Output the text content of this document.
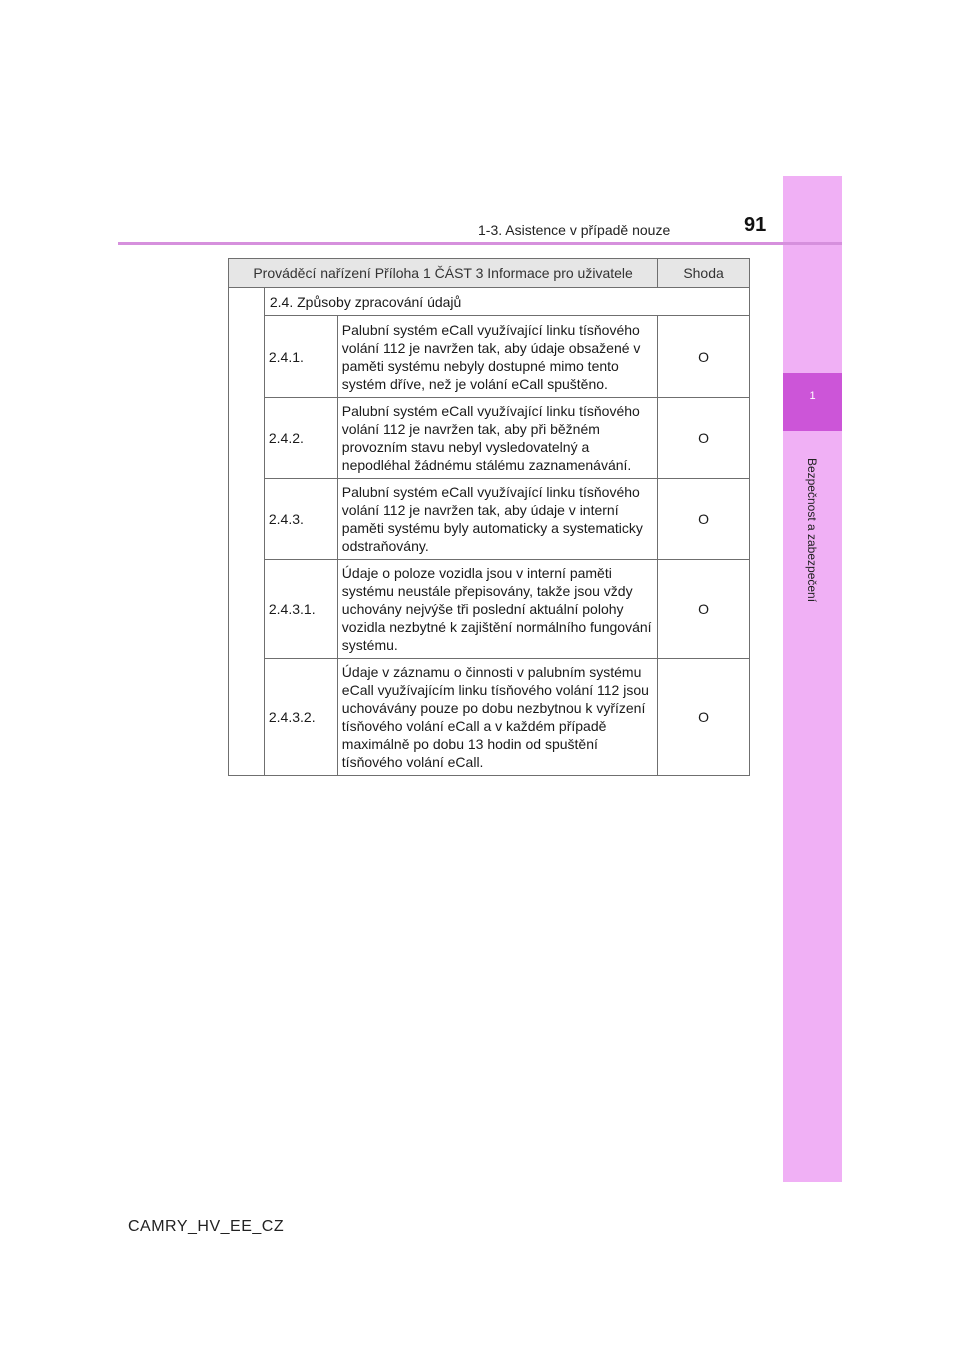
1
Bezpečnost a zabezpečení
1-3. Asistence v případě nouze	91
Prováděcí nařízení Příloha 1 ČÁST 3 Informace pro uživatele			Shoda
	2.4. Způsoby zpracování údajů		
	2.4.1.	Palubní systém eCall využívající linku tísňového volání 112 je navržen tak, aby údaje obsažené v paměti systému nebyly dostupné mimo tento systém dříve, než je volání eCall spuštěno.	O
	2.4.2.	Palubní systém eCall využívající linku tísňového volání 112 je navržen tak, aby při běžném provozním stavu nebyl vysledovatelný a nepodléhal žádnému stálému zaznamenávání.	O
	2.4.3.	Palubní systém eCall využívající linku tísňového volání 112 je navržen tak, aby údaje v interní paměti systému byly automaticky a systematicky odstraňovány.	O
	2.4.3.1.	Údaje o poloze vozidla jsou v interní paměti systému neustále přepisovány, takže jsou vždy uchovány nejvýše tři poslední aktuální polohy vozidla nezbytné k zajištění normálního fungování systému.	O
	2.4.3.2.	Údaje v záznamu o činnosti v palubním systému eCall využívajícím linku tísňového volání 112 jsou uchovávány pouze po dobu nezbytnou k vyřízení tísňového volání eCall a v každém případě maximálně po dobu 13 hodin od spuštění tísňového volání eCall.	O
CAMRY_HV_EE_CZ
